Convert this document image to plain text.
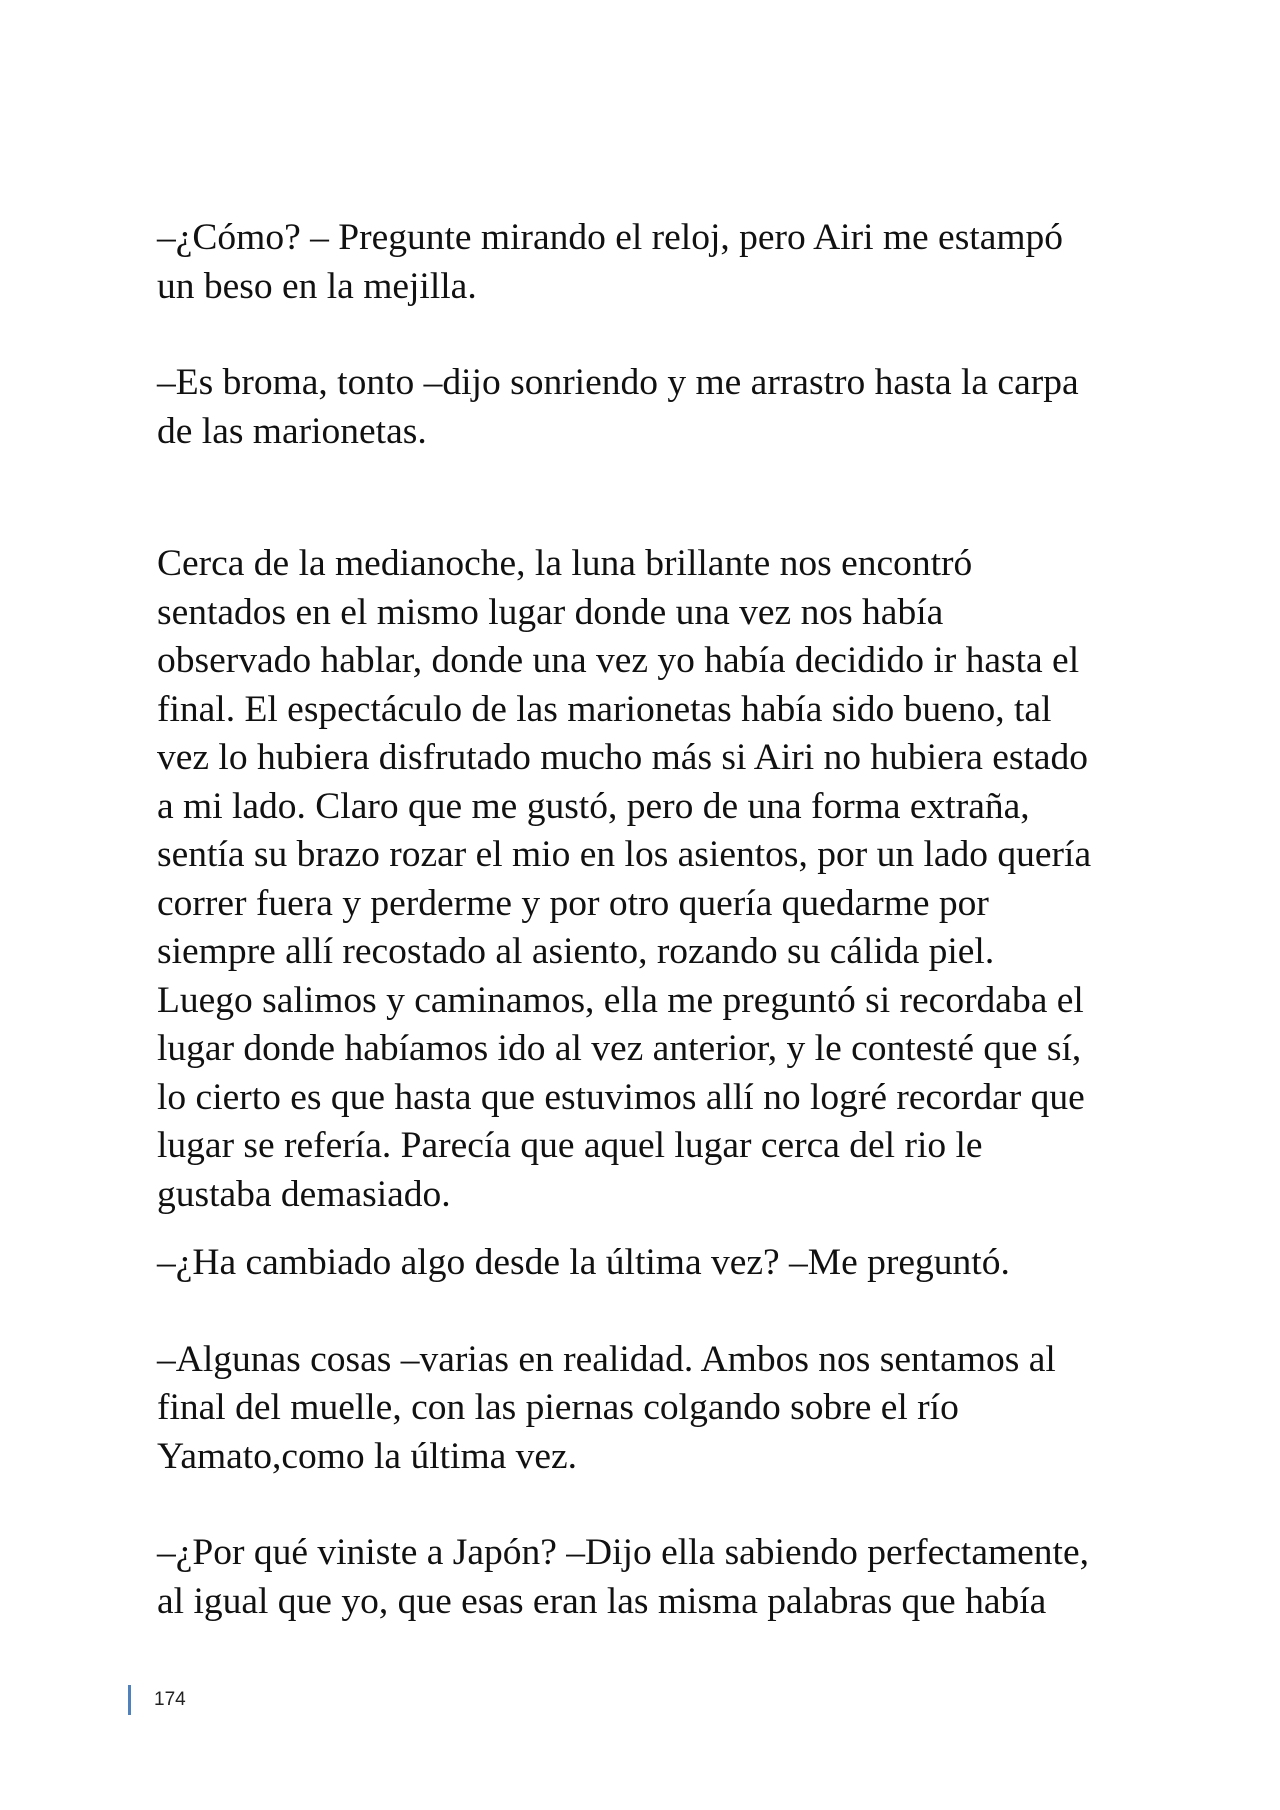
–¿Cómo? – Pregunte mirando el reloj, pero Airi me estampó
un beso en la mejilla.

–Es broma, tonto –dijo sonriendo y me arrastro hasta la carpa
de las marionetas.

Cerca de la medianoche, la luna brillante nos encontró
sentados en el mismo lugar donde una vez nos había
observado hablar, donde una vez yo había decidido ir hasta el
final. El espectáculo de las marionetas había sido bueno, tal
vez lo hubiera disfrutado mucho más si Airi no hubiera estado
a mi lado. Claro que me gustó, pero de una forma extraña,
sentía su brazo rozar el mio en los asientos, por un lado quería
correr fuera y perderme y por otro quería quedarme por
siempre allí recostado al asiento, rozando su cálida piel.
Luego salimos y caminamos, ella me preguntó si recordaba el
lugar donde habíamos ido al vez anterior, y le contesté que sí,
lo cierto es que hasta que estuvimos allí no logré recordar que
lugar se refería. Parecía que aquel lugar cerca del rio le
gustaba demasiado.

–¿Ha cambiado algo desde la última vez? –Me preguntó.

–Algunas cosas –varias en realidad. Ambos nos sentamos al
final del muelle, con las piernas colgando sobre el río
Yamato,como la última vez.

–¿Por qué viniste a Japón? –Dijo ella sabiendo perfectamente,
al igual que yo, que esas eran las misma palabras que había

174
